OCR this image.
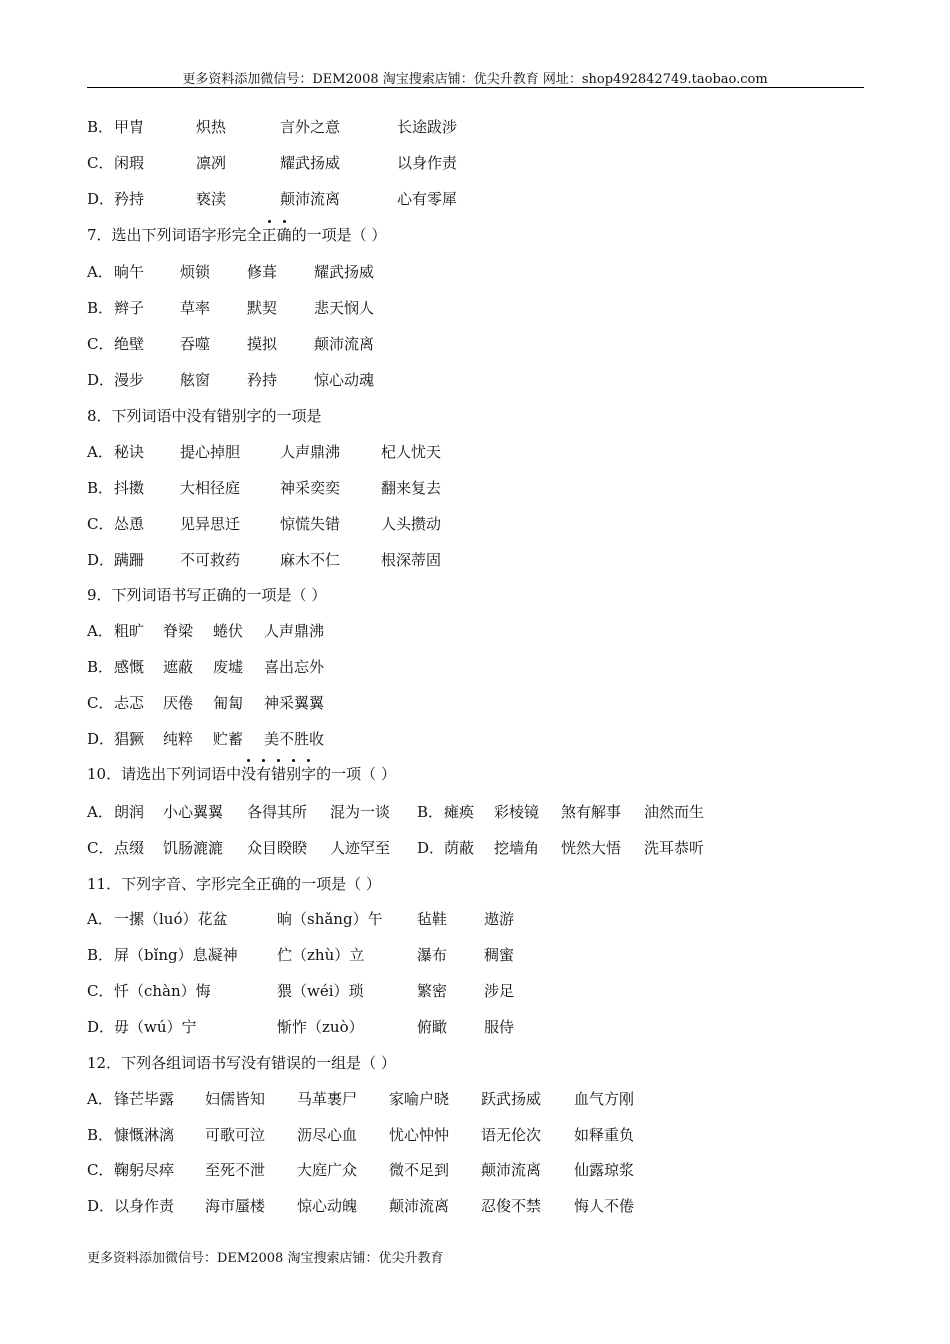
更多资料添加微信号：DEM2008 淘宝搜索店铺：优尖升教育 网址：shop492842749.taobao.com
B． 甲胄	炽热	言外之意	长途跋涉
C． 闲瑕	凛冽	耀武扬威	以身作责
D． 矜持	亵渎	颠沛流离	心有零犀
7．选出下列词语字形完全正确的一项是（ ）
A． 晌午 烦锁 修葺 耀武扬威
B． 辫子 草率 默契 悲天悯人
C． 绝壁 吞噬 摸拟 颠沛流离
D． 漫步 舷窗 矜持 惊心动魂
8．下列词语中没有错别字的一项是
A． 秘诀 提心掉胆	人声鼎沸	杞人忧天
B． 抖擞 大相径庭	神采奕奕	翻来复去
C． 怂恿 见异思迁	惊慌失错	人头攒动
D． 蹒跚 不可救药	麻木不仁	根深蒂固
9．下列词语书写正确的一项是（ ）
A． 粗旷 脊梁 蜷伏 人声鼎沸
B． 感慨 遮蔽 废墟 喜出忘外
C． 忐忑 厌倦 匍匐 神采翼翼
D． 猖獗 纯粹 贮蓄 美不胜收
10．请选出下列词语中没有错别字的一项（ ）
A． 朗润 小心翼翼 各得其所 混为一谈 B． 瘫痪 彩棱镜 煞有解事 油然而生
C． 点缀 饥肠漉漉 众目睽睽 人迹罕至 D． 荫蔽 挖墙角 恍然大悟 洗耳恭听
11．下列字音、字形完全正确的一项是（ ）
A． 一摞（luó）花盆	晌（shǎng）午 毡鞋 遨游
B． 屏（bǐng）息凝神	伫（zhù）立	瀑布 稠蜜
C． 忏（chàn）悔	猥（wéi）琐	繁密 涉足
D． 毋（wú）宁	惭怍（zuò）	俯瞰 服侍
12．下列各组词语书写没有错误的一组是（ ）
A． 锋芒毕露 妇儒皆知 马革裹尸 家喻户晓 跃武扬威 血气方刚
B． 慷慨淋漓 可歌可泣 沥尽心血 忧心忡忡 语无伦次 如释重负
C． 鞠躬尽瘁 至死不泄 大庭广众 微不足到 颠沛流离 仙露琼浆
D． 以身作责 海市蜃楼 惊心动魄 颠沛流离 忍俊不禁 悔人不倦
更多资料添加微信号：DEM2008 淘宝搜索店铺：优尖升教育
